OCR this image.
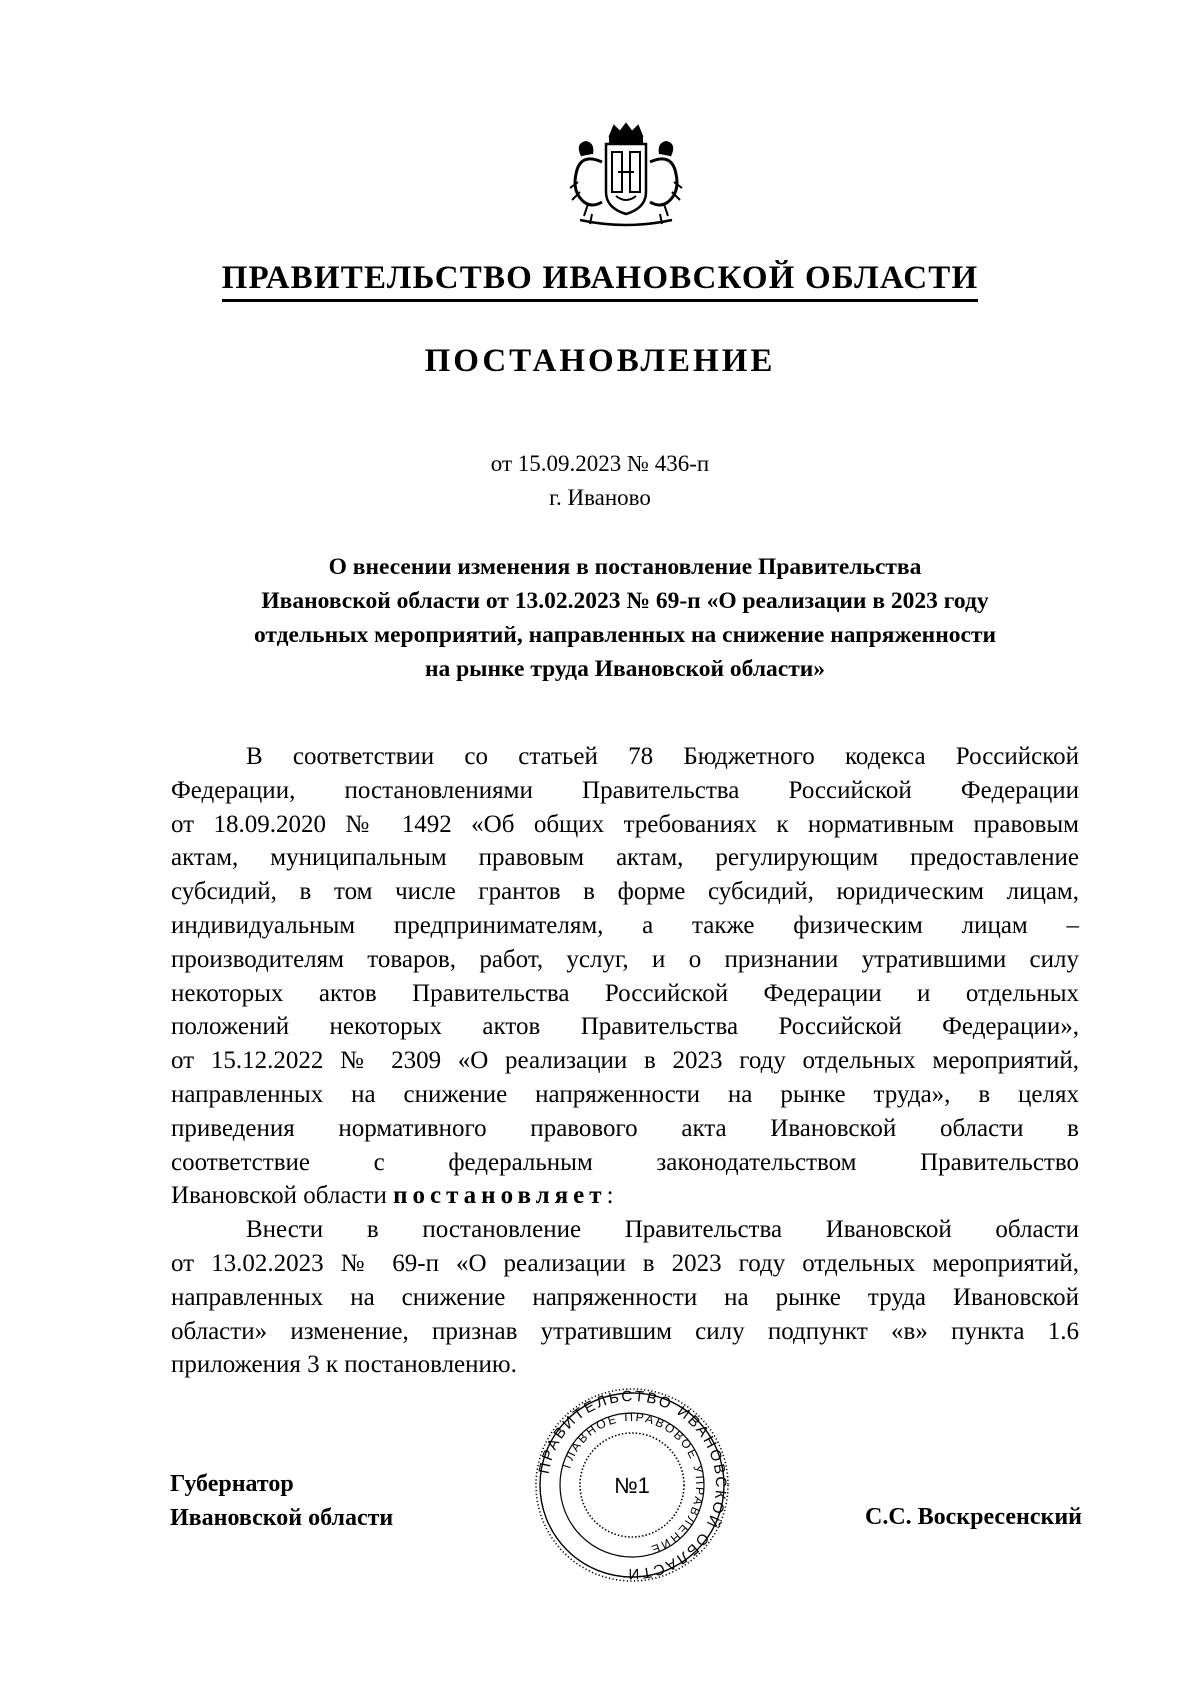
ПРАВИТЕЛЬСТВО ИВАНОВСКОЙ ОБЛАСТИ
ПОСТАНОВЛЕНИЕ
от 15.09.2023 № 436-п
г. Иваново
О внесении изменения в постановление Правительства
Ивановской области от 13.02.2023 № 69-п «О реализации в 2023 году
отдельных мероприятий, направленных на снижение напряженности
на рынке труда Ивановской области»
В соответствии со статьей 78 Бюджетного кодекса Российской
Федерации, постановлениями Правительства Российской Федерации
от 18.09.2020 № 1492 «Об общих требованиях к нормативным правовым
актам, муниципальным правовым актам, регулирующим предоставление
субсидий, в том числе грантов в форме субсидий, юридическим лицам,
индивидуальным предпринимателям, а также физическим лицам –
производителям товаров, работ, услуг, и о признании утратившими силу
некоторых актов Правительства Российской Федерации и отдельных
положений некоторых актов Правительства Российской Федерации»,
от 15.12.2022 № 2309 «О реализации в 2023 году отдельных мероприятий,
направленных на снижение напряженности на рынке труда», в целях
приведения нормативного правового акта Ивановской области в
соответствие с федеральным законодательством Правительство
Ивановской области постановляет:
Внести в постановление Правительства Ивановской области
от 13.02.2023 № 69-п «О реализации в 2023 году отдельных мероприятий,
направленных на снижение напряженности на рынке труда Ивановской
области» изменение, признав утратившим силу подпункт «в» пункта 1.6
приложения 3 к постановлению.
Губернатор
Ивановской области
ПРАВИТЕЛЬСТВО ИВАНОВСКОЙ ОБЛАСТИ
ГЛАВНОЕ ПРАВОВОЕ УПРАВЛЕНИЕ
№1
С.С. Воскресенский
